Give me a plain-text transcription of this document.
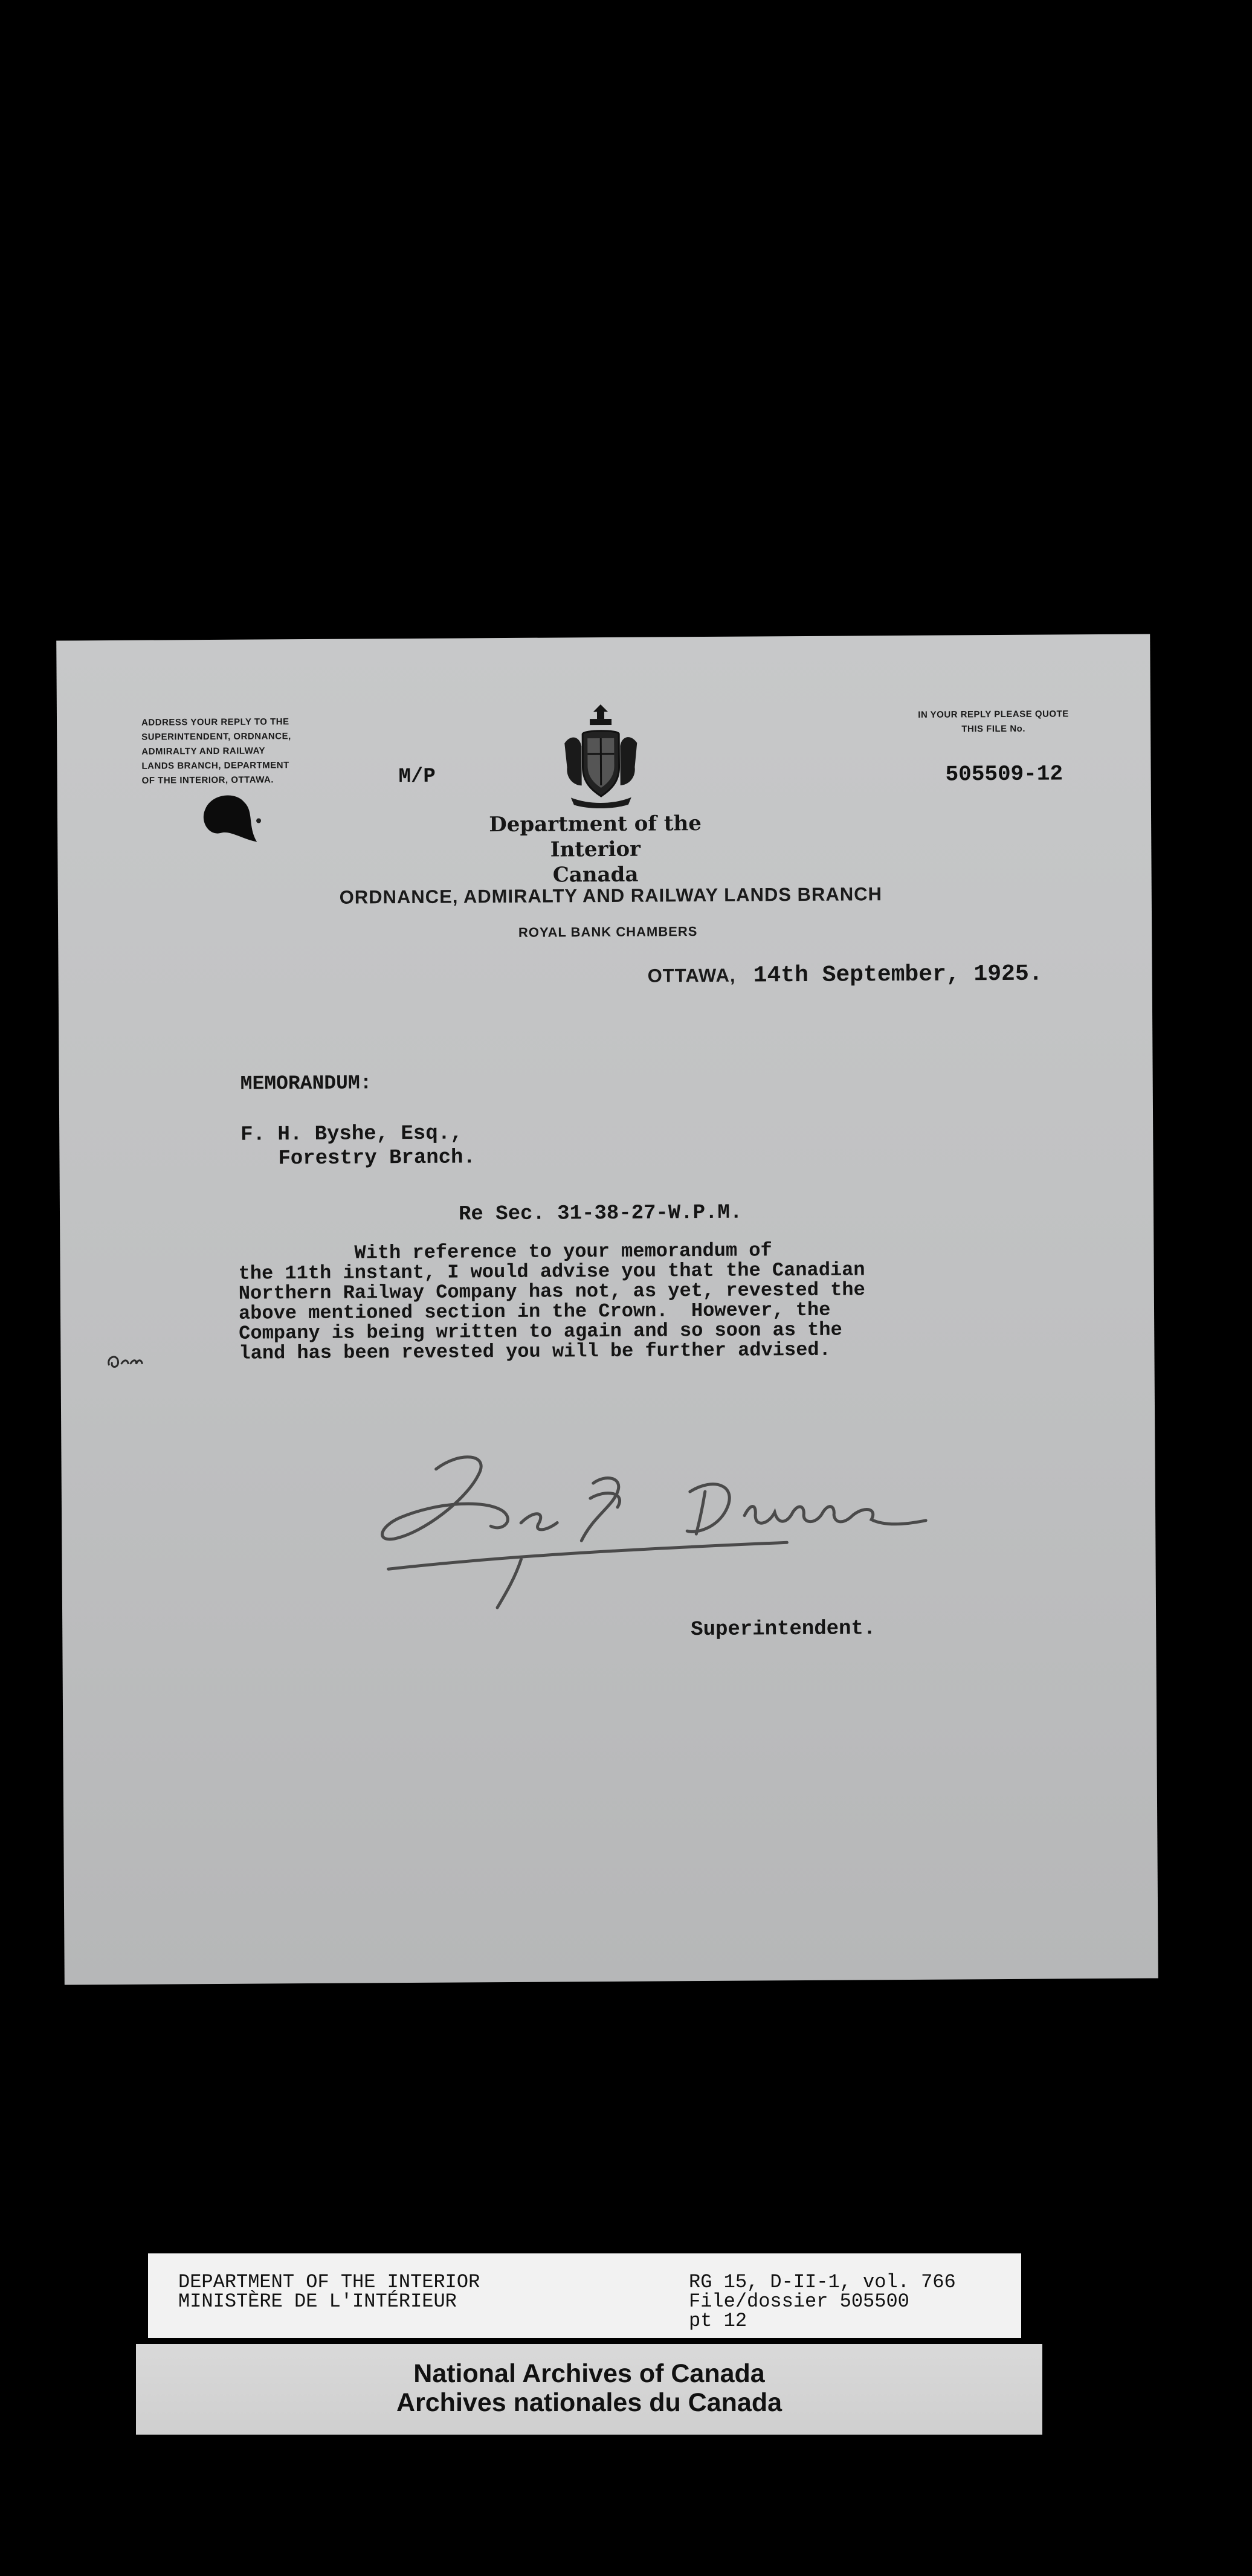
ADDRESS YOUR REPLY TO THE
SUPERINTENDENT, ORDNANCE,
ADMIRALTY AND RAILWAY
LANDS BRANCH, DEPARTMENT
OF THE INTERIOR, OTTAWA.	M/P
Department of the Interior
Canada
IN YOUR REPLY PLEASE QUOTE
THIS FILE No.
505509-12
ORDNANCE, ADMIRALTY AND RAILWAY LANDS BRANCH
ROYAL BANK CHAMBERS
OTTAWA, 14th September, 1925.
MEMORANDUM:
F. H. Byshe, Esq.,
Forestry Branch.
Re Sec. 31-38-27-W.P.M.
With reference to your memorandum of
the 11th instant, I would advise you that the Canadian
Northern Railway Company has not, as yet, revested the
above mentioned section in the Crown.  However, the
Company is being written to again and so soon as the
land has been revested you will be further advised.
Superintendent.
DEPARTMENT OF THE INTERIOR
MINISTÈRE DE L'INTÉRIEUR
RG 15, D-II-1, vol. 766
File/dossier 505500
pt 12
National Archives of Canada
Archives nationales du Canada
